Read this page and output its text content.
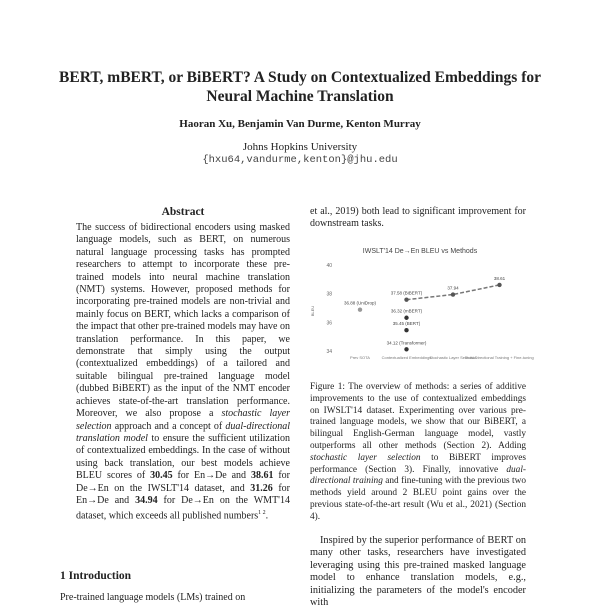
BERT, mBERT, or BiBERT? A Study on Contextualized Embeddings for Neural Machine Translation
Haoran Xu, Benjamin Van Durme, Kenton Murray
Johns Hopkins University
{hxu64,vandurme,kenton}@jhu.edu
Abstract
The success of bidirectional encoders using masked language models, such as BERT, on numerous natural language processing tasks has prompted researchers to attempt to incorporate these pre-trained models into neural machine translation (NMT) systems. However, proposed methods for incorporating pre-trained models are non-trivial and mainly focus on BERT, which lacks a comparison of the impact that other pre-trained models may have on translation performance. In this paper, we demonstrate that simply using the output (contextualized embeddings) of a tailored and suitable bilingual pre-trained language model (dubbed BiBERT) as the input of the NMT encoder achieves state-of-the-art translation performance. Moreover, we also propose a stochastic layer selection approach and a concept of dual-directional translation model to ensure the sufficient utilization of contextualized embeddings. In the case of without using back translation, our best models achieve BLEU scores of 30.45 for En→De and 38.61 for De→En on the IWSLT'14 dataset, and 31.26 for En→De and 34.94 for De→En on the WMT'14 dataset, which exceeds all published numbers$^{1 2}$.
1 Introduction
Pre-trained language models (LMs) trained on
et al., 2019) both lead to significant improvement for downstream tasks.
IWSLT'14 De→En BLEU vs Methods
BLEU
40
38
36
34
Prev SOTA	Contextualized Embeddings
Stochastic Layer Selection
Dual-Directional Training + Fine-tuning
36.88 (UniDrop)
37.58 (BiBERT)
37.94
38.61
36.32 (mBERT)
35.45 (BERT)
34.12 (Transformer)
Figure 1: The overview of methods: a series of additive improvements to the use of contextualized embeddings on IWSLT'14 dataset. Experimenting over various pre-trained language models, we show that our BiBERT, a bilingual English-German language model, vastly outperforms all other methods (Section 2). Adding stochastic layer selection to BiBERT improves performance (Section 3). Finally, innovative dual-directional training and fine-tuning with the previous two methods yield around 2 BLEU point gains over the previous state-of-the-art result (Wu et al., 2021) (Section 4).
Inspired by the superior performance of BERT on many other tasks, researchers have investigated leveraging using this pre-trained masked language model to enhance translation models, e.g., initializing the parameters of the model's encoder with
